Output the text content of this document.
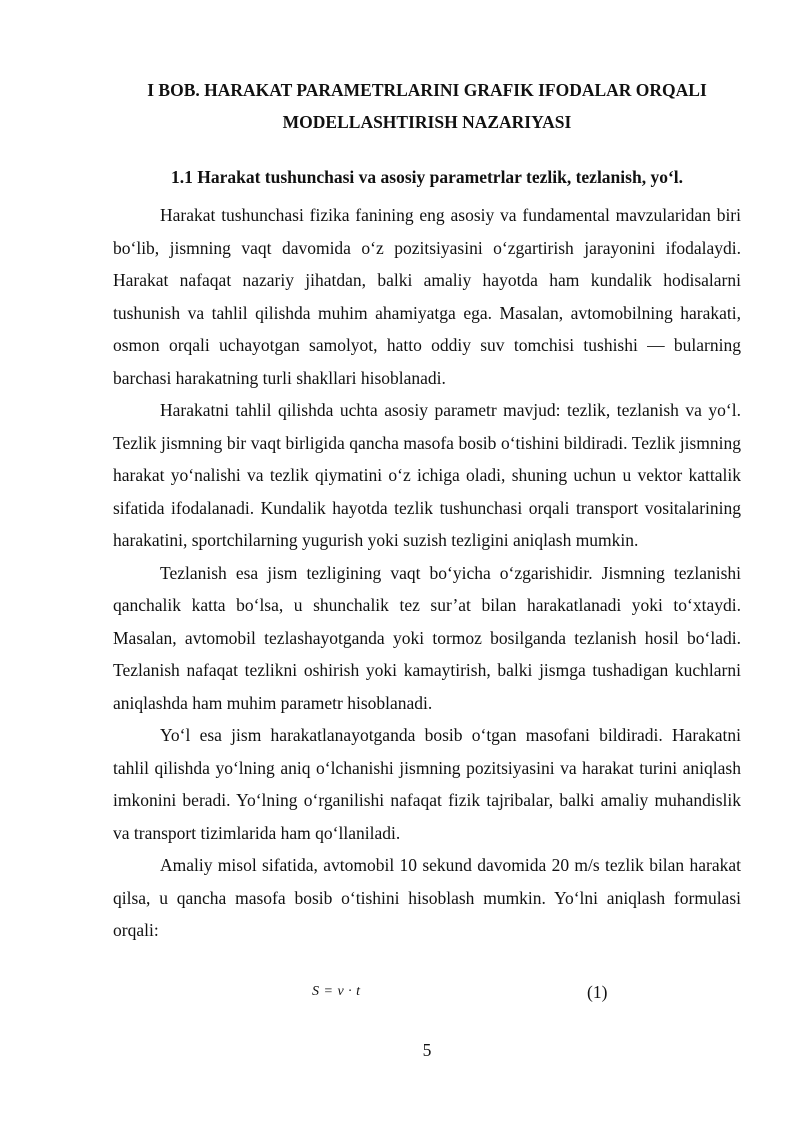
I BOB. HARAKAT PARAMETRLARINI GRAFIK IFODALAR ORQALI
MODELLASHTIRISH NAZARIYASI
1.1 Harakat tushunchasi va asosiy parametrlar tezlik, tezlanish, yo‘l.

Harakat tushunchasi fizika fanining eng asosiy va fundamental mavzularidan biri bo‘lib, jismning vaqt davomida o‘z pozitsiyasini o‘zgartirish jarayonini ifodalaydi. Harakat nafaqat nazariy jihatdan, balki amaliy hayotda ham kundalik hodisalarni tushunish va tahlil qilishda muhim ahamiyatga ega. Masalan, avtomobilning harakati, osmon orqali uchayotgan samolyot, hatto oddiy suv tomchisi tushishi — bularning barchasi harakatning turli shakllari hisoblanadi.

Harakatni tahlil qilishda uchta asosiy parametr mavjud: tezlik, tezlanish va yo‘l. Tezlik jismning bir vaqt birligida qancha masofa bosib o‘tishini bildiradi. Tezlik jismning harakat yo‘nalishi va tezlik qiymatini o‘z ichiga oladi, shuning uchun u vektor kattalik sifatida ifodalanadi. Kundalik hayotda tezlik tushunchasi orqali transport vositalarining harakatini, sportchilarning yugurish yoki suzish tezligini aniqlash mumkin.

Tezlanish esa jism tezligining vaqt bo‘yicha o‘zgarishidir. Jismning tezlanishi qanchalik katta bo‘lsa, u shunchalik tez sur’at bilan harakatlanadi yoki to‘xtaydi. Masalan, avtomobil tezlashayotganda yoki tormoz bosilganda tezlanish hosil bo‘ladi. Tezlanish nafaqat tezlikni oshirish yoki kamaytirish, balki jismga tushadigan kuchlarni aniqlashda ham muhim parametr hisoblanadi.

Yo‘l esa jism harakatlanayotganda bosib o‘tgan masofani bildiradi. Harakatni tahlil qilishda yo‘lning aniq o‘lchanishi jismning pozitsiyasini va harakat turini aniqlash imkonini beradi. Yo‘lning o‘rganilishi nafaqat fizik tajribalar, balki amaliy muhandislik va transport tizimlarida ham qo‘llaniladi.

Amaliy misol sifatida, avtomobil 10 sekund davomida 20 m/s tezlik bilan harakat qilsa, u qancha masofa bosib o‘tishini hisoblash mumkin. Yo‘lni aniqlash formulasi orqali:

S = v · t	(1)
5
